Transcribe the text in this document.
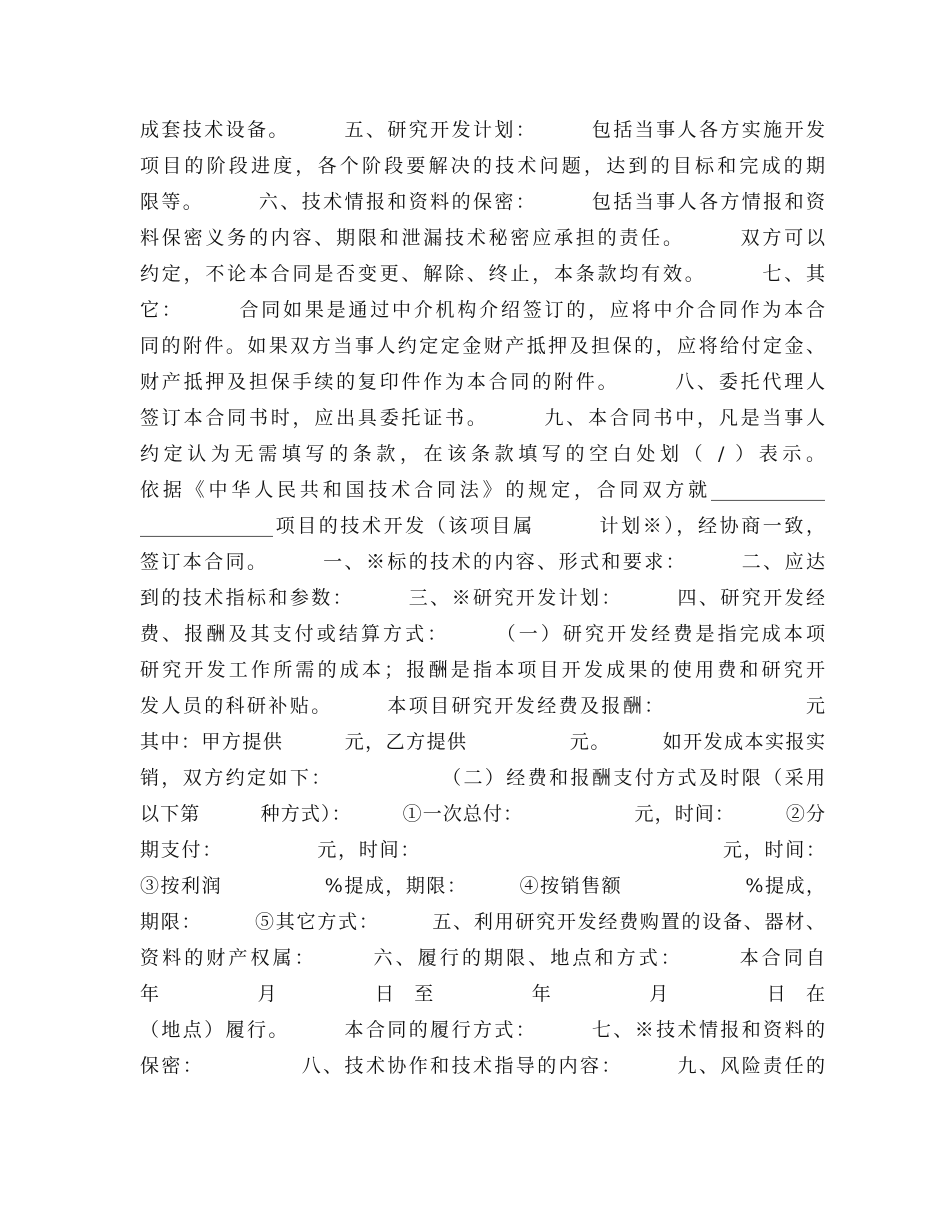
成套技术设备。　　　五、研究开发计划：　　　包括当事人各方实施开发
项目的阶段进度，各个阶段要解决的技术问题，达到的目标和完成的期
限等。　　　六、技术情报和资料的保密：　　　包括当事人各方情报和资
料保密义务的内容、期限和泄漏技术秘密应承担的责任。　　　双方可以
约定，不论本合同是否变更、解除、终止，本条款均有效。　　　七、其
它：　　　合同如果是通过中介机构介绍签订的，应将中介合同作为本合
同的附件。如果双方当事人约定定金财产抵押及担保的，应将给付定金、
财产抵押及担保手续的复印件作为本合同的附件。　　　八、委托代理人
签订本合同书时，应出具委托证书。　　　九、本合同书中，凡是当事人
约定认为无需填写的条款，在该条款填写的空白处划（ / ）表示。
依据《中华人民共和国技术合同法》的规定，合同双方就____________
______________项目的技术开发（该项目属　　　计划※），经协商一致，
签订本合同。　　　一、※标的技术的内容、形式和要求：　　　二、应达
到的技术指标和参数：　　　三、※研究开发计划：　　　四、研究开发经
费、报酬及其支付或结算方式：　　　（一）研究开发经费是指完成本项
研究开发工作所需的成本；报酬是指本项目开发成果的使用费和研究开
发人员的科研补贴。　　　本项目研究开发经费及报酬：　　　　　　　元
其中：甲方提供　　　元，乙方提供　　　　　元。　　　如开发成本实报实
销，双方约定如下：　　　　　　（二）经费和报酬支付方式及时限（采用
以下第　　　种方式）：　　　①一次总付：　　　　　　元，时间：　　　②分
期支付：　　　　　元，时间：　　　　　　　　　　　　　　　元，时间：
③按利润　　　　　%提成，期限：　　　④按销售额　　　　　　%提成，
期限：　　　⑤其它方式：　　　五、利用研究开发经费购置的设备、器材、
资料的财产权属：　　　六、履行的期限、地点和方式：　　　本合同自
年　　　　　月　　　　　日　至　　　　　年　　　　　月　　　　　日　在
（地点）履行。　　　本合同的履行方式：　　　七、※技术情报和资料的
保密：　　　　　八、技术协作和技术指导的内容：　　　九、风险责任的
